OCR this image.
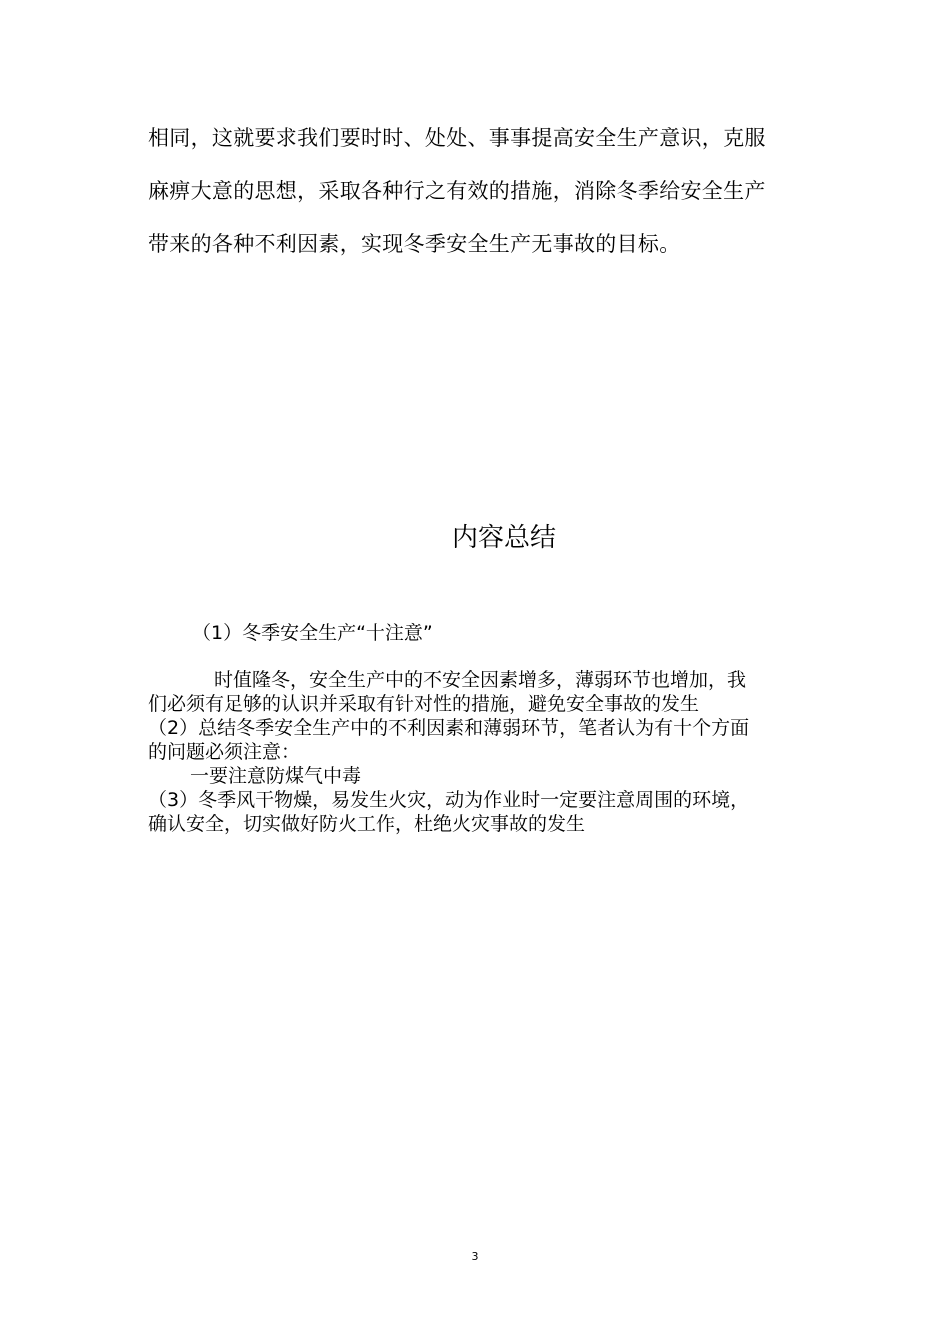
相同，这就要求我们要时时、处处、事事提高安全生产意识，克服
麻痹大意的思想，采取各种行之有效的措施，消除冬季给安全生产
带来的各种不利因素，实现冬季安全生产无事故的目标。
内容总结
（1）冬季安全生产“十注意”
时值隆冬，安全生产中的不安全因素增多，薄弱环节也增加，我
们必须有足够的认识并采取有针对性的措施，避免安全事故的发生
（2）总结冬季安全生产中的不利因素和薄弱环节，笔者认为有十个方面
的问题必须注意：
一要注意防煤气中毒
（3）冬季风干物燥，易发生火灾，动为作业时一定要注意周围的环境，
确认安全，切实做好防火工作，杜绝火灾事故的发生
3
